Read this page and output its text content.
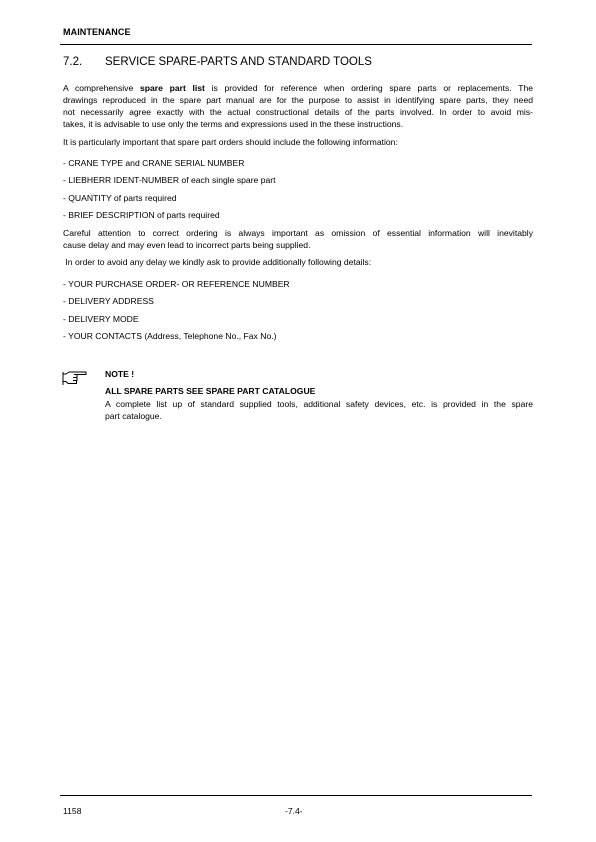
MAINTENANCE
7.2.	SERVICE SPARE-PARTS AND STANDARD TOOLS
A comprehensive spare part list is provided for reference when ordering spare parts or replacements. The
drawings reproduced in the spare part manual are for the purpose to assist in identifying spare parts, they need
not necessarily agree exactly with the actual constructional details of the parts involved. In order to avoid mis-
takes, it is advisable to use only the terms and expressions used in the these instructions.
It is particularly important that spare part orders should include the following information:
- CRANE TYPE and CRANE SERIAL NUMBER
- LIEBHERR IDENT-NUMBER of each single spare part
- QUANTITY of parts required
- BRIEF DESCRIPTION of parts required
Careful attention to correct ordering is always important as omission of essential information will inevitably
cause delay and may even lead to incorrect parts being supplied.
In order to avoid any delay we kindly ask to provide additionally following details:
- YOUR PURCHASE ORDER- OR REFERENCE NUMBER
- DELIVERY ADDRESS
- DELIVERY MODE
- YOUR CONTACTS (Address, Telephone No., Fax No.)
NOTE !
ALL SPARE PARTS SEE SPARE PART CATALOGUE
A complete list up of standard supplied tools, additional safety devices, etc. is provided in the spare
part catalogue.
1158	-7.4-
